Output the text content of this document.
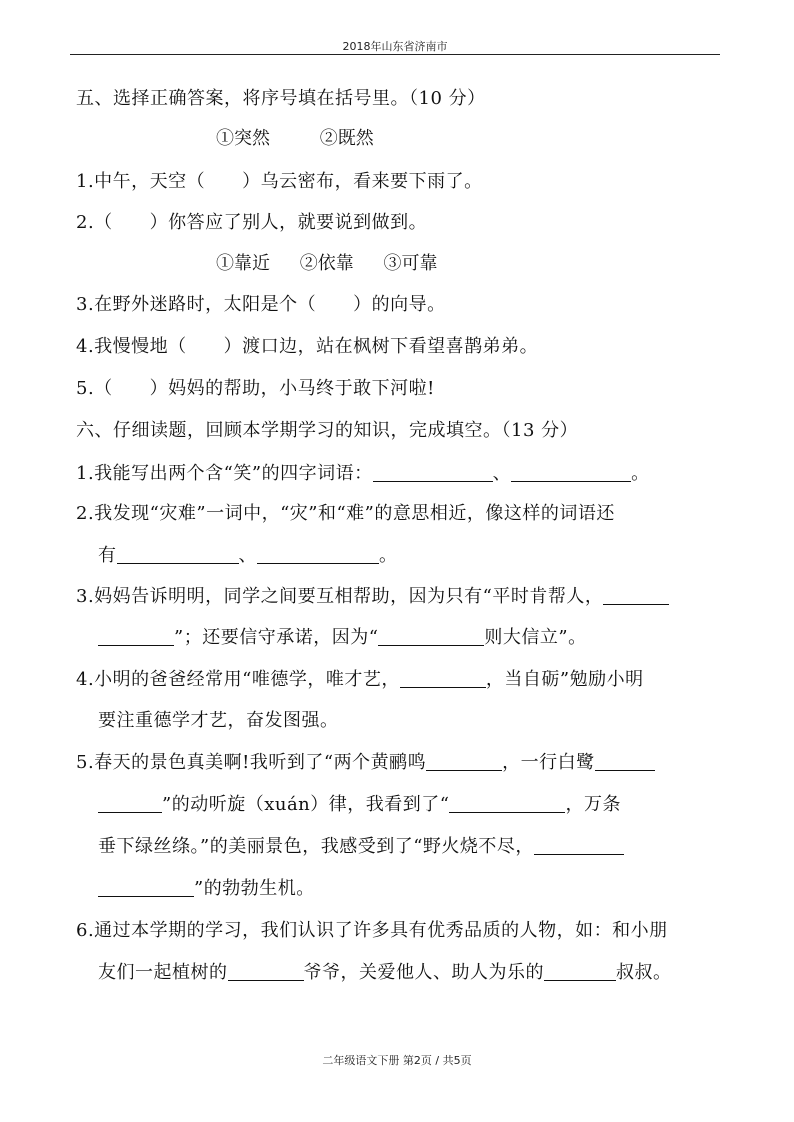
2018年山东省济南市
五、选择正确答案，将序号填在括号里。（10 分）
①突然	②既然
1.中午，天空（　　）乌云密布，看来要下雨了。
2.（　　）你答应了别人，就要说到做到。
①靠近 ②依靠 ③可靠
3.在野外迷路时，太阳是个（　　）的向导。
4.我慢慢地（　　）渡口边，站在枫树下看望喜鹊弟弟。
5.（　　）妈妈的帮助，小马终于敢下河啦!
六、仔细读题，回顾本学期学习的知识，完成填空。（13 分）
1.我能写出两个含“笑”的四字词语：	、	。
2.我发现“灾难”一词中，“灾”和“难”的意思相近，像这样的词语还
有	、	。
3.妈妈告诉明明，同学之间要互相帮助，因为只有“平时肯帮人，
”；还要信守承诺，因为“	则大信立”。
4.小明的爸爸经常用“唯德学，唯才艺，	，当自砺”勉励小明
要注重德学才艺，奋发图强。
5.春天的景色真美啊!我听到了“两个黄鹂鸣	，一行白鹭
”的动听旋（xuán）律，我看到了“	，万条
垂下绿丝绦。”的美丽景色，我感受到了“野火烧不尽，
”的勃勃生机。
6.通过本学期的学习，我们认识了许多具有优秀品质的人物，如：和小朋
友们一起植树的	爷爷，关爱他人、助人为乐的	叔叔。
二年级语文下册 第2页 / 共5页
